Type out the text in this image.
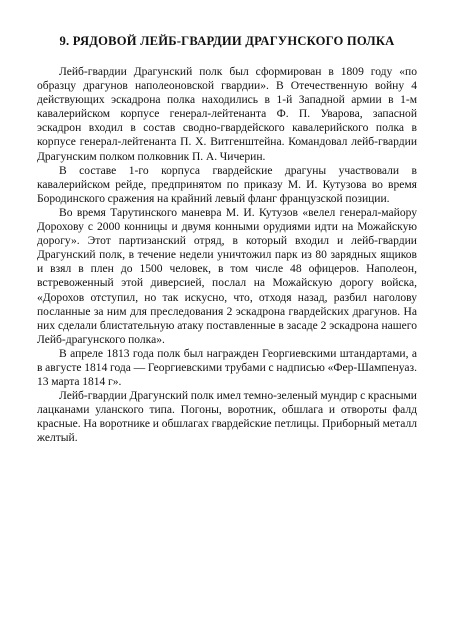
9. РЯДОВОЙ ЛЕЙБ-ГВАРДИИ ДРАГУНСКОГО ПОЛКА

Лейб-гвардии Драгунский полк был сформирован в 1809 году «по образцу драгунов наполеоновской гвардии». В Отечественную войну 4 действующих эскадрона полка находились в 1-й Западной армии в 1-м кавалерийском корпусе генерал-лейтенанта Ф. П. Уварова, запасной эскадрон входил в состав сводно-гвардейского кавалерийского полка в корпусе генерал-лейтенанта П. Х. Витгенштейна. Командовал лейб-гвардии Драгунским полком полковник П. А. Чичерин.

В составе 1-го корпуса гвардейские драгуны участвовали в кавалерийском рейде, предпринятом по приказу М. И. Кутузова во время Бородинского сражения на крайний левый фланг французской позиции.

Во время Тарутинского маневра М. И. Кутузов «велел генерал-майору Дорохову с 2000 конницы и двумя конными орудиями идти на Можайскую дорогу». Этот партизанский отряд, в который входил и лейб-гвардии Драгунский полк, в течение недели уничтожил парк из 80 зарядных ящиков и взял в плен до 1500 человек, в том числе 48 офицеров. Наполеон, встревоженный этой диверсией, послал на Можайскую дорогу войска, «Дорохов отступил, но так искусно, что, отходя назад, разбил наголову посланные за ним для преследования 2 эскадрона гвардейских драгунов. На них сделали блистательную атаку поставленные в засаде 2 эскадрона нашего Лейб-драгунского полка».

В апреле 1813 года полк был награжден Георгиевскими штандартами, а в августе 1814 года — Георгиевскими трубами с надписью «Фер-Шампенуаз. 13 марта 1814 г».

Лейб-гвардии Драгунский полк имел темно-зеленый мундир с красными лацканами уланского типа. Погоны, воротник, обшлага и отвороты фалд красные. На воротнике и обшлагах гвардейские петлицы. Приборный металл желтый.
